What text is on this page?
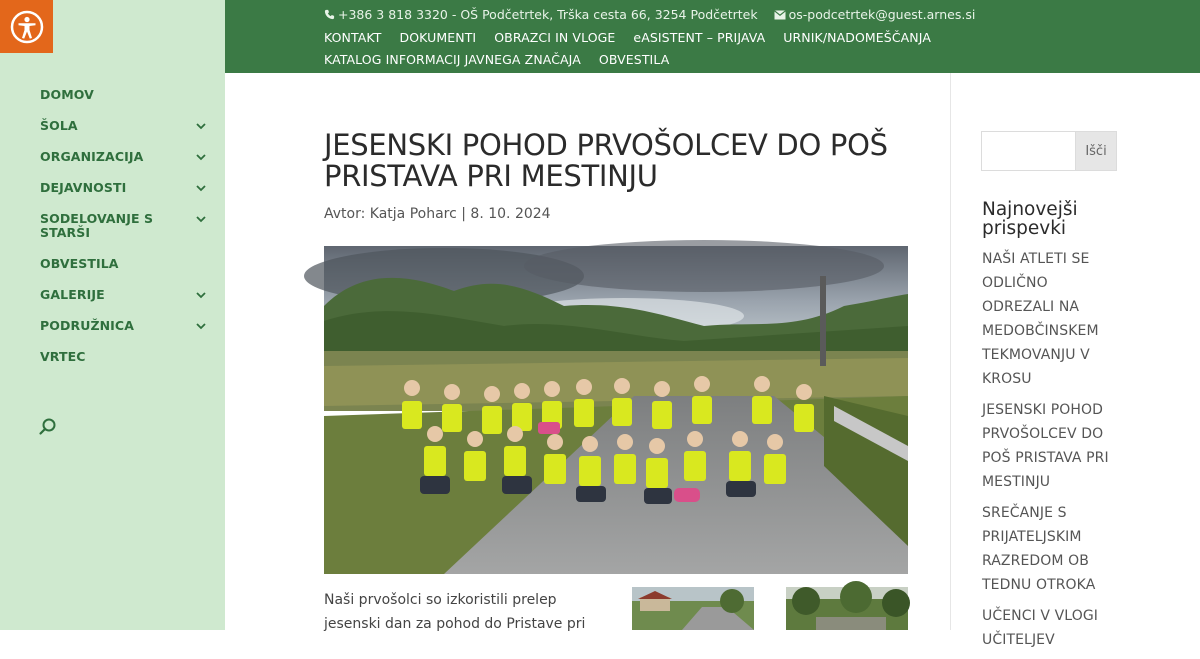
DOMOV
ŠOLA
ORGANIZACIJA
DEJAVNOSTI
SODELOVANJE S STARŠI
OBVESTILA
GALERIJE
PODRUŽNICA
VRTEC
+386 3 818 3320 - OŠ Podčetrtek, Trška cesta 66, 3254 Podčetrtek os-podcetrtek@guest.arnes.si
KONTAKT DOKUMENTI OBRAZCI IN VLOGE eASISTENT – PRIJAVA URNIK/NADOMEŠČANJA
KATALOG INFORMACIJ JAVNEGA ZNAČAJA OBVESTILA
JESENSKI POHOD PRVOŠOLCEV DO POŠ PRISTAVA PRI MESTINJU
Avtor: Katja Poharc | 8. 10. 2024
Naši prvošolci so izkoristili prelep jesenski dan za pohod do Pristave pri
Išči
Najnovejši prispevki
NAŠI ATLETI SE ODLIČNO ODREZALI NA MEDOBČINSKEM TEKMOVANJU V KROSU
JESENSKI POHOD PRVOŠOLCEV DO POŠ PRISTAVA PRI MESTINJU
SREČANJE S PRIJATELJSKIM RAZREDOM OB TEDNU OTROKA
UČENCI V VLOGI UČITELJEV
